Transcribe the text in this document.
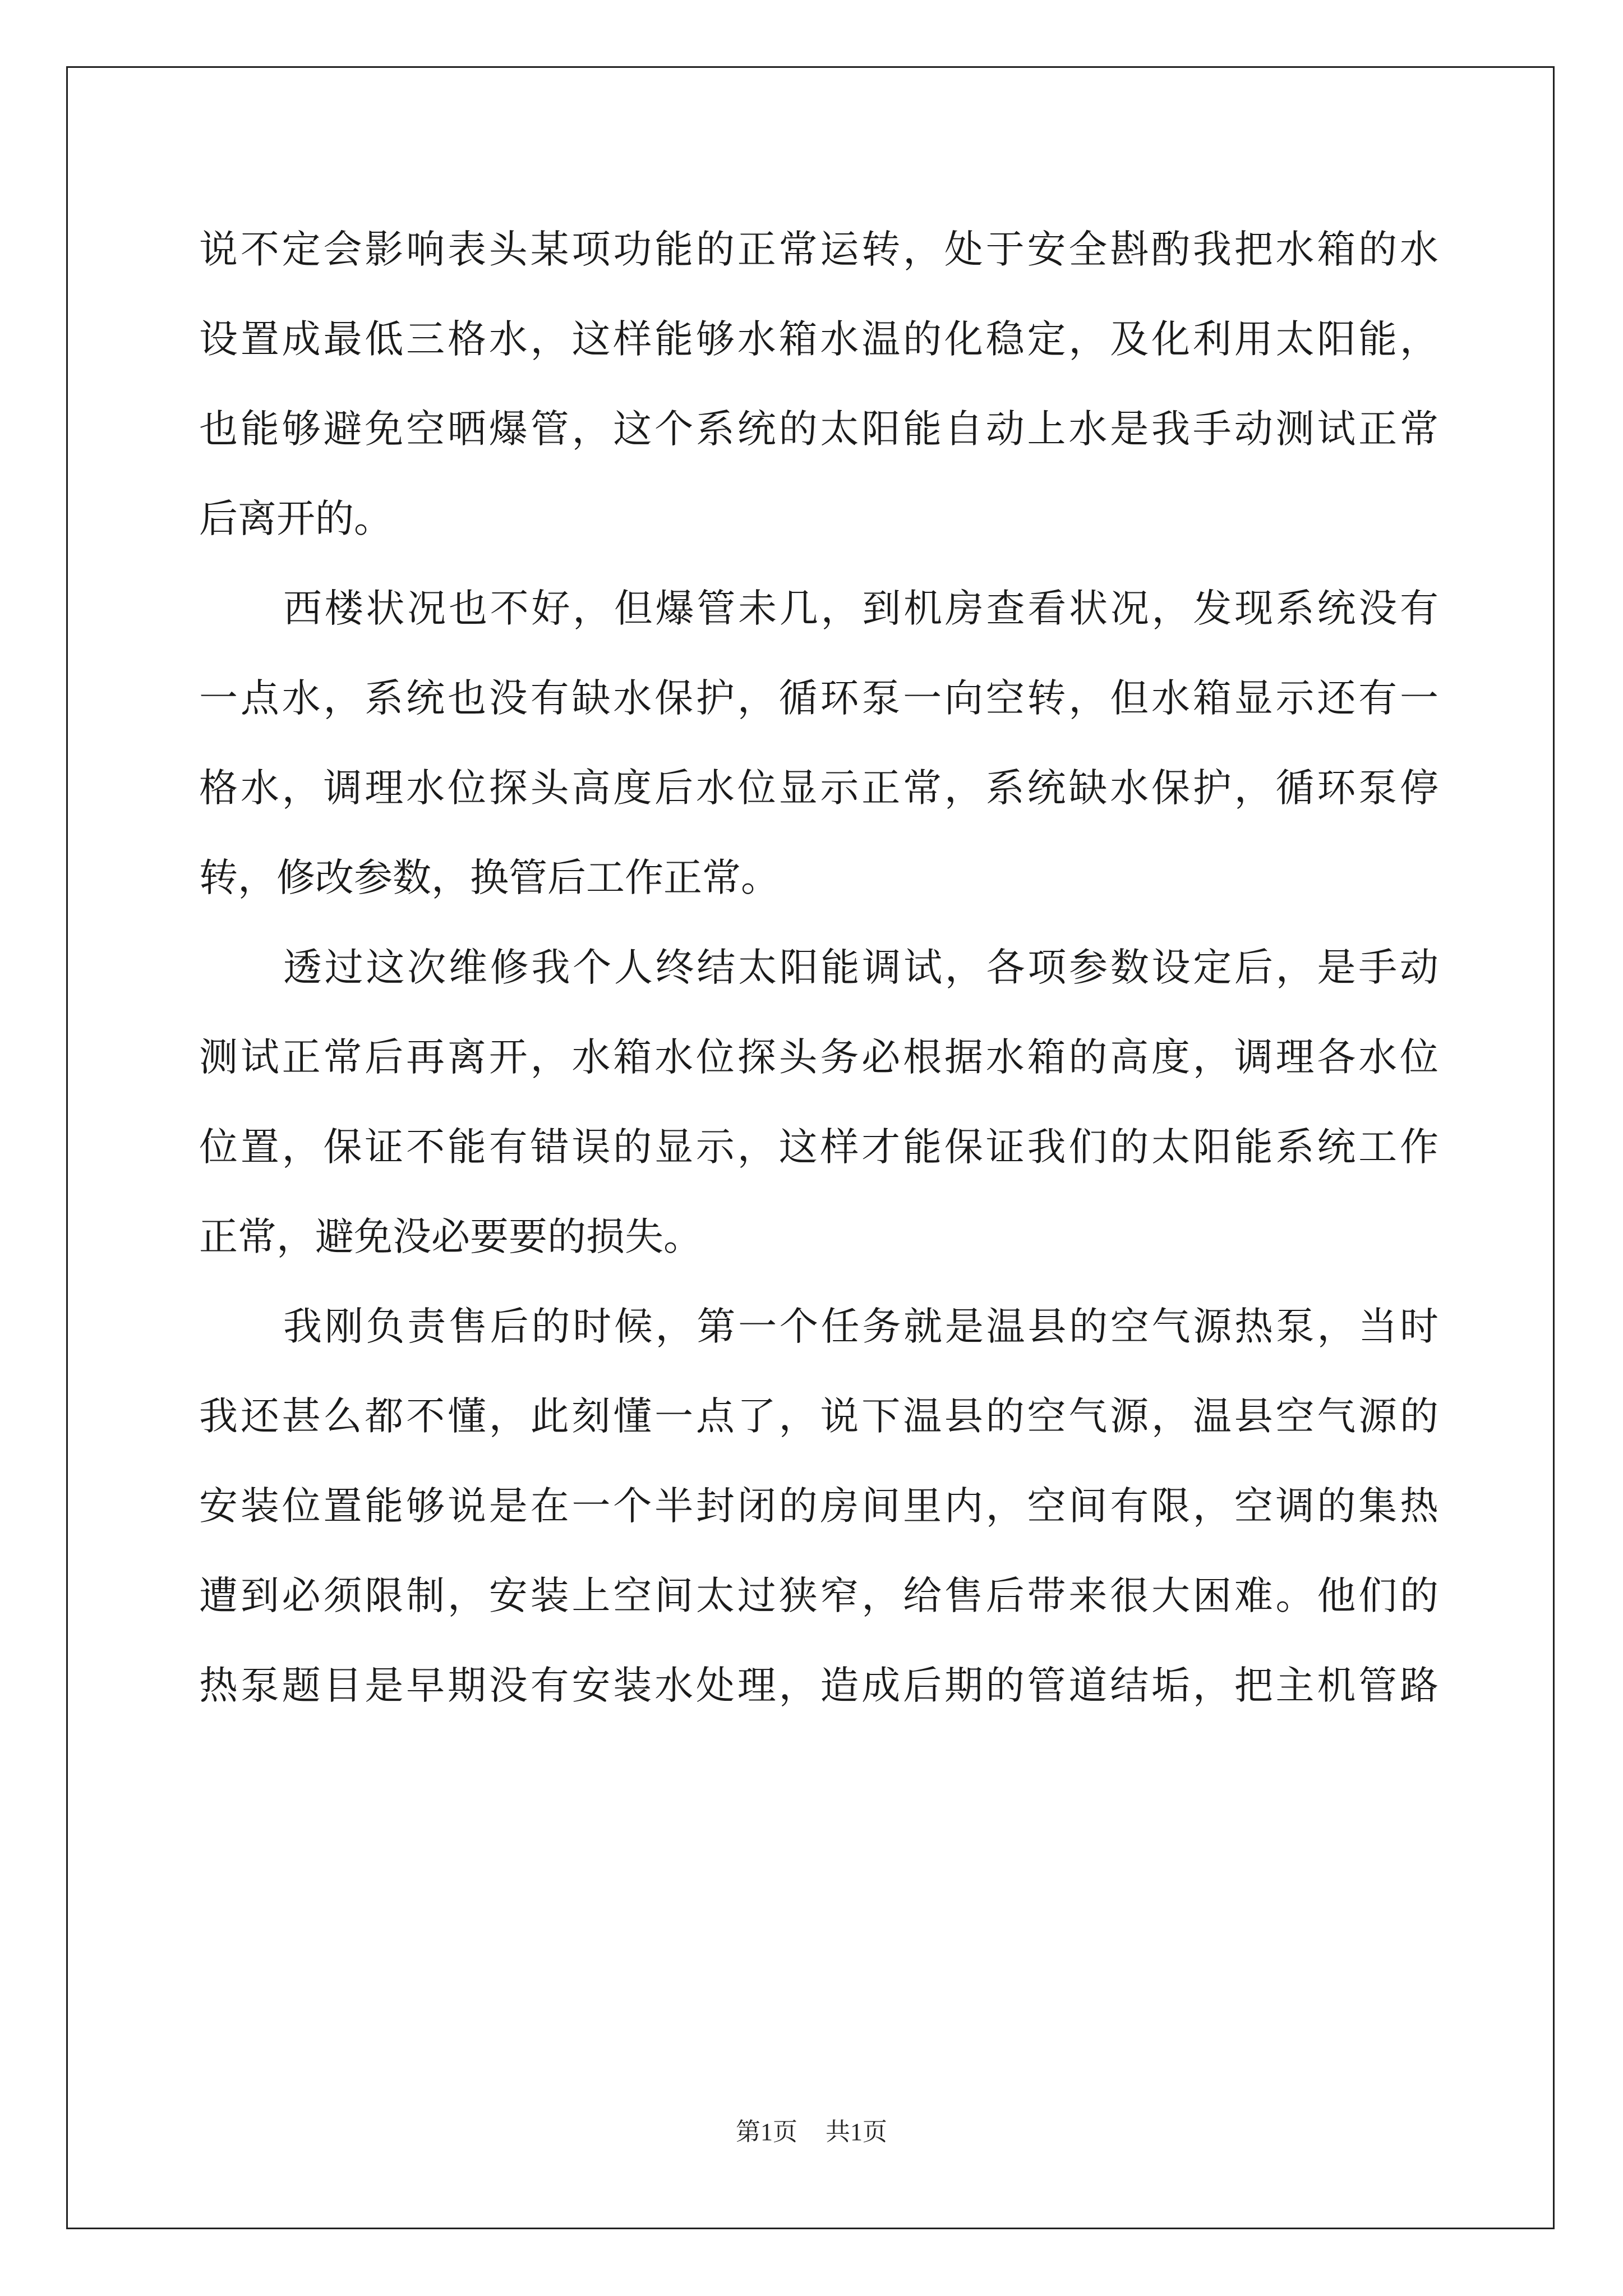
说不定会影响表头某项功能的正常运转，处于安全斟酌我把水箱的水
设置成最低三格水，这样能够水箱水温的化稳定，及化利用太阳能，
也能够避免空晒爆管，这个系统的太阳能自动上水是我手动测试正常
后离开的。
西楼状况也不好，但爆管未几，到机房查看状况，发现系统没有
一点水，系统也没有缺水保护，循环泵一向空转，但水箱显示还有一
格水，调理水位探头高度后水位显示正常，系统缺水保护，循环泵停
转，修改参数，换管后工作正常。
透过这次维修我个人终结太阳能调试，各项参数设定后，是手动
测试正常后再离开，水箱水位探头务必根据水箱的高度，调理各水位
位置，保证不能有错误的显示，这样才能保证我们的太阳能系统工作
正常，避免没必要要的损失。
我刚负责售后的时候，第一个任务就是温县的空气源热泵，当时
我还甚么都不懂，此刻懂一点了，说下温县的空气源，温县空气源的
安装位置能够说是在一个半封闭的房间里内，空间有限，空调的集热
遭到必须限制，安装上空间太过狭窄，给售后带来很大困难。他们的
热泵题目是早期没有安装水处理，造成后期的管道结垢，把主机管路
第1页 共1页
